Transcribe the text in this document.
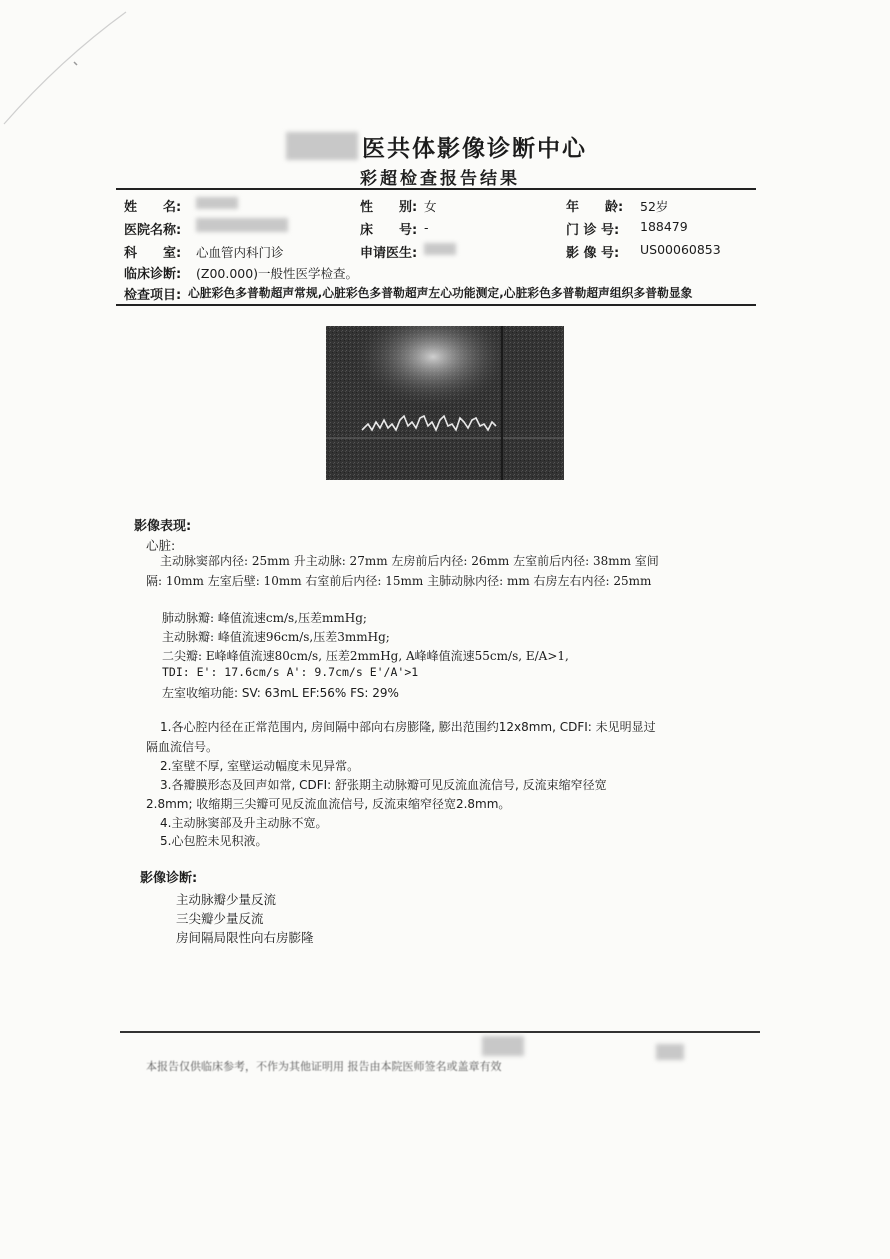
医共体影像诊断中心
彩超检查报告结果
姓　　名:	性　　别: 女	年　　龄: 52岁
医院名称:	床　　号: -	门 诊 号: 188479
科　　室: 心血管内科门诊	申请医生:	影 像 号: US00060853
临床诊断: (Z00.000)一般性医学检查。
检查项目: 心脏彩色多普勒超声常规,心脏彩色多普勒超声左心功能测定,心脏彩色多普勒超声组织多普勒显象
影像表现:
心脏:
主动脉窦部内径: 25mm 升主动脉: 27mm 左房前后内径: 26mm 左室前后内径: 38mm 室间
隔: 10mm 左室后壁: 10mm 右室前后内径: 15mm 主肺动脉内径: mm 右房左右内径: 25mm
肺动脉瓣: 峰值流速cm/s,压差mmHg;
主动脉瓣: 峰值流速96cm/s,压差3mmHg;
二尖瓣: E峰峰值流速80cm/s, 压差2mmHg, A峰峰值流速55cm/s, E/A>1,
TDI: E': 17.6cm/s A': 9.7cm/s E'/A'>1
左室收缩功能: SV: 63mL EF:56% FS: 29%
1.各心腔内径在正常范围内, 房间隔中部向右房膨隆, 膨出范围约12x8mm, CDFI: 未见明显过
隔血流信号。
2.室壁不厚, 室壁运动幅度未见异常。
3.各瓣膜形态及回声如常, CDFI: 舒张期主动脉瓣可见反流血流信号, 反流束缩窄径宽
2.8mm; 收缩期三尖瓣可见反流血流信号, 反流束缩窄径宽2.8mm。
4.主动脉窦部及升主动脉不宽。
5.心包腔未见积液。
影像诊断:
主动脉瓣少量反流
三尖瓣少量反流
房间隔局限性向右房膨隆
本报告仅供临床参考，不作为其他证明用 报告由本院医师签名或盖章有效
